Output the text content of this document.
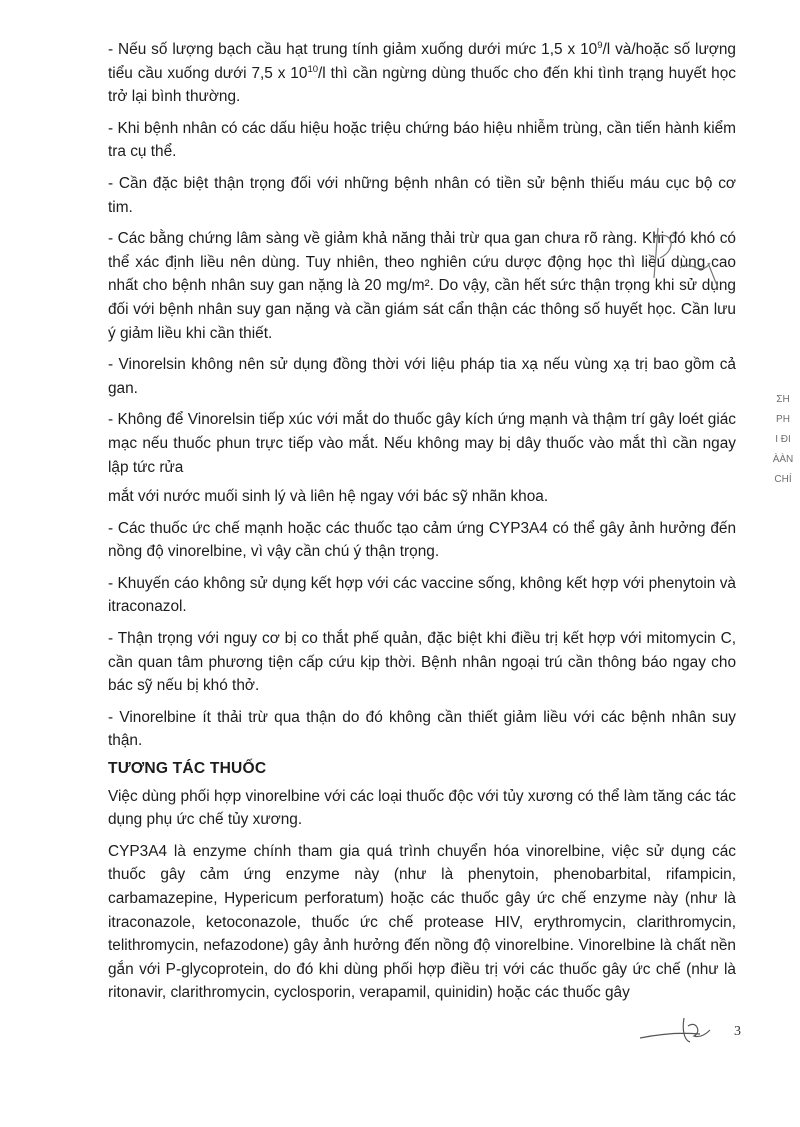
- Nếu số lượng bạch cầu hạt trung tính giảm xuống dưới mức 1,5 x $10^9/l$ và/hoặc số lượng tiểu cầu xuống dưới 7,5 x $10^{10}/l$ thì cần ngừng dùng thuốc cho đến khi tình trạng huyết học trở lại bình thường.

- Khi bệnh nhân có các dấu hiệu hoặc triệu chứng báo hiệu nhiễm trùng, cần tiến hành kiểm tra cụ thể.

- Cần đặc biệt thận trọng đối với những bệnh nhân có tiền sử bệnh thiếu máu cục bộ cơ tim.

- Các bằng chứng lâm sàng về giảm khả năng thải trừ qua gan chưa rõ ràng. Khi đó khó có thể xác định liều nên dùng. Tuy nhiên, theo nghiên cứu dược động học thì liều dùng cao nhất cho bệnh nhân suy gan nặng là 20 mg/m². Do vậy, cần hết sức thận trọng khi sử dụng đối với bệnh nhân suy gan nặng và cần giám sát cẩn thận các thông số huyết học. Cần lưu ý giảm liều khi cần thiết.

- Vinorelsin không nên sử dụng đồng thời với liệu pháp tia xạ nếu vùng xạ trị bao gồm cả gan.

- Không để Vinorelsin tiếp xúc với mắt do thuốc gây kích ứng mạnh và thậm trí gây loét giác mạc nếu thuốc phun trực tiếp vào mắt. Nếu không may bị dây thuốc vào mắt thì cần ngay lập tức rửa

mắt với nước muối sinh lý và liên hệ ngay với bác sỹ nhãn khoa.

- Các thuốc ức chế mạnh hoặc các thuốc tạo cảm ứng CYP3A4 có thể gây ảnh hưởng đến nồng độ vinorelbine, vì vậy cần chú ý thận trọng.

- Khuyến cáo không sử dụng kết hợp với các vaccine sống, không kết hợp với phenytoin và itraconazol.

- Thận trọng với nguy cơ bị co thắt phế quản, đặc biệt khi điều trị kết hợp với mitomycin C, cần quan tâm phương tiện cấp cứu kịp thời. Bệnh nhân ngoại trú cần thông báo ngay cho bác sỹ nếu bị khó thở.

- Vinorelbine ít thải trừ qua thận do đó không cần thiết giảm liều với các bệnh nhân suy thận.

TƯƠNG TÁC THUỐC

Việc dùng phối hợp vinorelbine với các loại thuốc độc với tủy xương có thể làm tăng các tác dụng phụ ức chế tủy xương.

CYP3A4 là enzyme chính tham gia quá trình chuyển hóa vinorelbine, việc sử dụng các thuốc gây cảm ứng enzyme này (như là phenytoin, phenobarbital, rifampicin, carbamazepine, Hypericum perforatum) hoặc các thuốc gây ức chế enzyme này (như là itraconazole, ketoconazole, thuốc ức chế protease HIV, erythromycin, clarithromycin, telithromycin, nefazodone) gây ảnh hưởng đến nồng độ vinorelbine. Vinorelbine là chất nền gắn với P-glycoprotein, do đó khi dùng phối hợp điều trị với các thuốc gây ức chế (như là ritonavir, clarithromycin, cyclosporin, verapamil, quinidin) hoặc các thuốc gây

ΣH
PH
I ĐI
ÀÀN
CHÍ
3
